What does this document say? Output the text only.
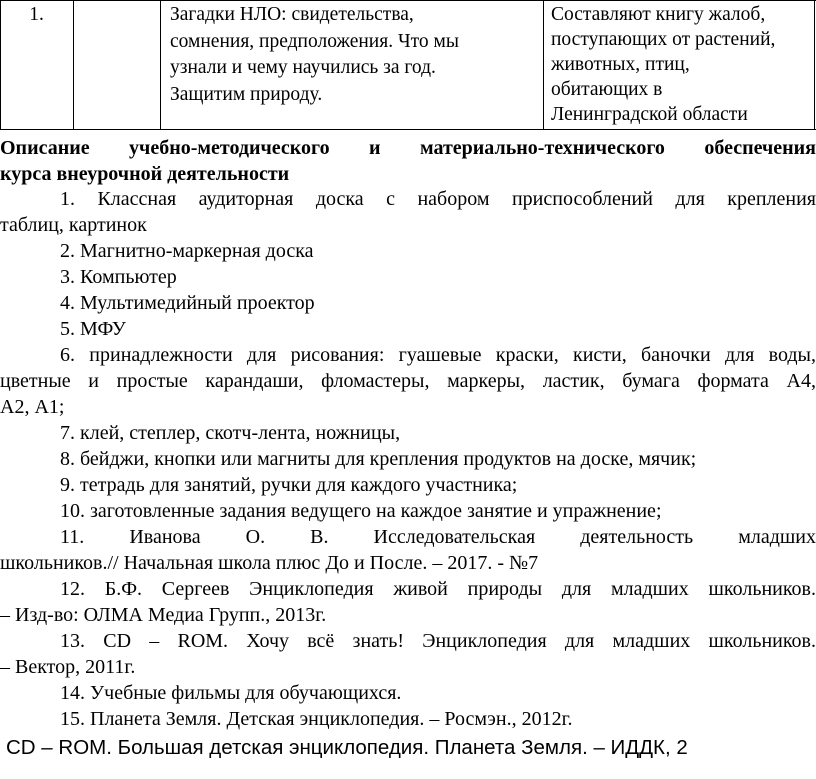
1.	Загадки НЛО: свидетельства,
сомнения, предположения. Что мы
узнали и чему научились за год.
Защитим природу.
Составляют книгу жалоб,
поступающих от растений,
животных, птиц,
обитающих в
Ленинградской области
Описание учебно-методического и материально-технического обеспечения
курса внеурочной деятельности
1. Классная аудиторная доска с набором приспособлений для крепления
таблиц, картинок
2. Магнитно-маркерная доска
3. Компьютер
4. Мультимедийный проектор
5. МФУ
6. принадлежности для рисования: гуашевые краски, кисти, баночки для воды,
цветные и простые карандаши, фломастеры, маркеры, ластик, бумага формата А4,
А2, А1;
7. клей, степлер, скотч-лента, ножницы,
8. бейджи, кнопки или магниты для крепления продуктов на доске, мячик;
9. тетрадь для занятий, ручки для каждого участника;
10. заготовленные задания ведущего на каждое занятие и упражнение;
11. Иванова О. В. Исследовательская деятельность младших
школьников.// Начальная школа плюс До и После. – 2017. - №7
12. Б.Ф. Сергеев Энциклопедия живой природы для младших школьников.
– Изд-во: ОЛМА Медиа Групп., 2013г.
13. CD – ROM. Хочу всё знать! Энциклопедия для младших школьников.
– Вектор, 2011г.
14. Учебные фильмы для обучающихся.
15. Планета Земля. Детская энциклопедия. – Росмэн., 2012г.
CD – ROM. Большая детская энциклопедия. Планета Земля. – ИДДК, 2
